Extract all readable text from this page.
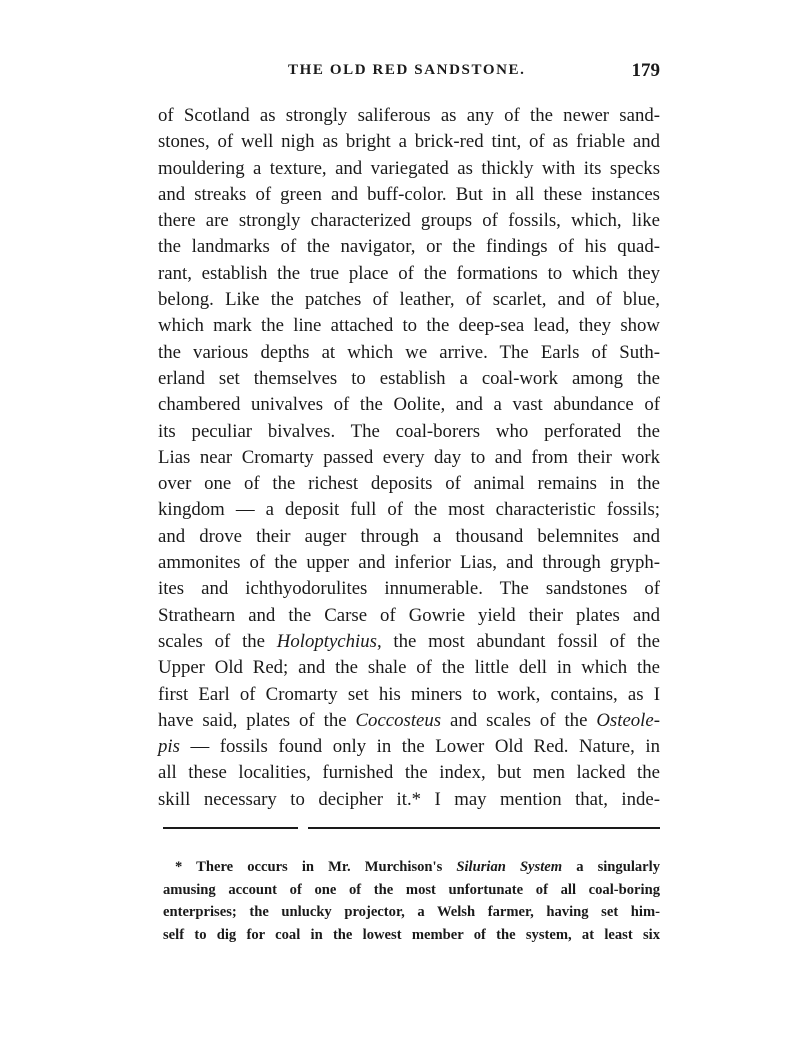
THE OLD RED SANDSTONE.	179
of Scotland as strongly saliferous as any of the newer sand-
stones, of well nigh as bright a brick-red tint, of as friable and
mouldering a texture, and variegated as thickly with its specks
and streaks of green and buff-color. But in all these instances
there are strongly characterized groups of fossils, which, like
the landmarks of the navigator, or the findings of his quad-
rant, establish the true place of the formations to which they
belong. Like the patches of leather, of scarlet, and of blue,
which mark the line attached to the deep-sea lead, they show
the various depths at which we arrive. The Earls of Suth-
erland set themselves to establish a coal-work among the
chambered univalves of the Oolite, and a vast abundance of
its peculiar bivalves. The coal-borers who perforated the
Lias near Cromarty passed every day to and from their work
over one of the richest deposits of animal remains in the
kingdom — a deposit full of the most characteristic fossils;
and drove their auger through a thousand belemnites and
ammonites of the upper and inferior Lias, and through gryph-
ites and ichthyodorulites innumerable. The sandstones of
Strathearn and the Carse of Gowrie yield their plates and
scales of the Holoptychius, the most abundant fossil of the
Upper Old Red; and the shale of the little dell in which the
first Earl of Cromarty set his miners to work, contains, as I
have said, plates of the Coccosteus and scales of the Osteole-
pis — fossils found only in the Lower Old Red. Nature, in
all these localities, furnished the index, but men lacked the
skill necessary to decipher it.* I may mention that, inde-
* There occurs in Mr. Murchison's Silurian System a singularly
amusing account of one of the most unfortunate of all coal-boring
enterprises; the unlucky projector, a Welsh farmer, having set him-
self to dig for coal in the lowest member of the system, at least six
